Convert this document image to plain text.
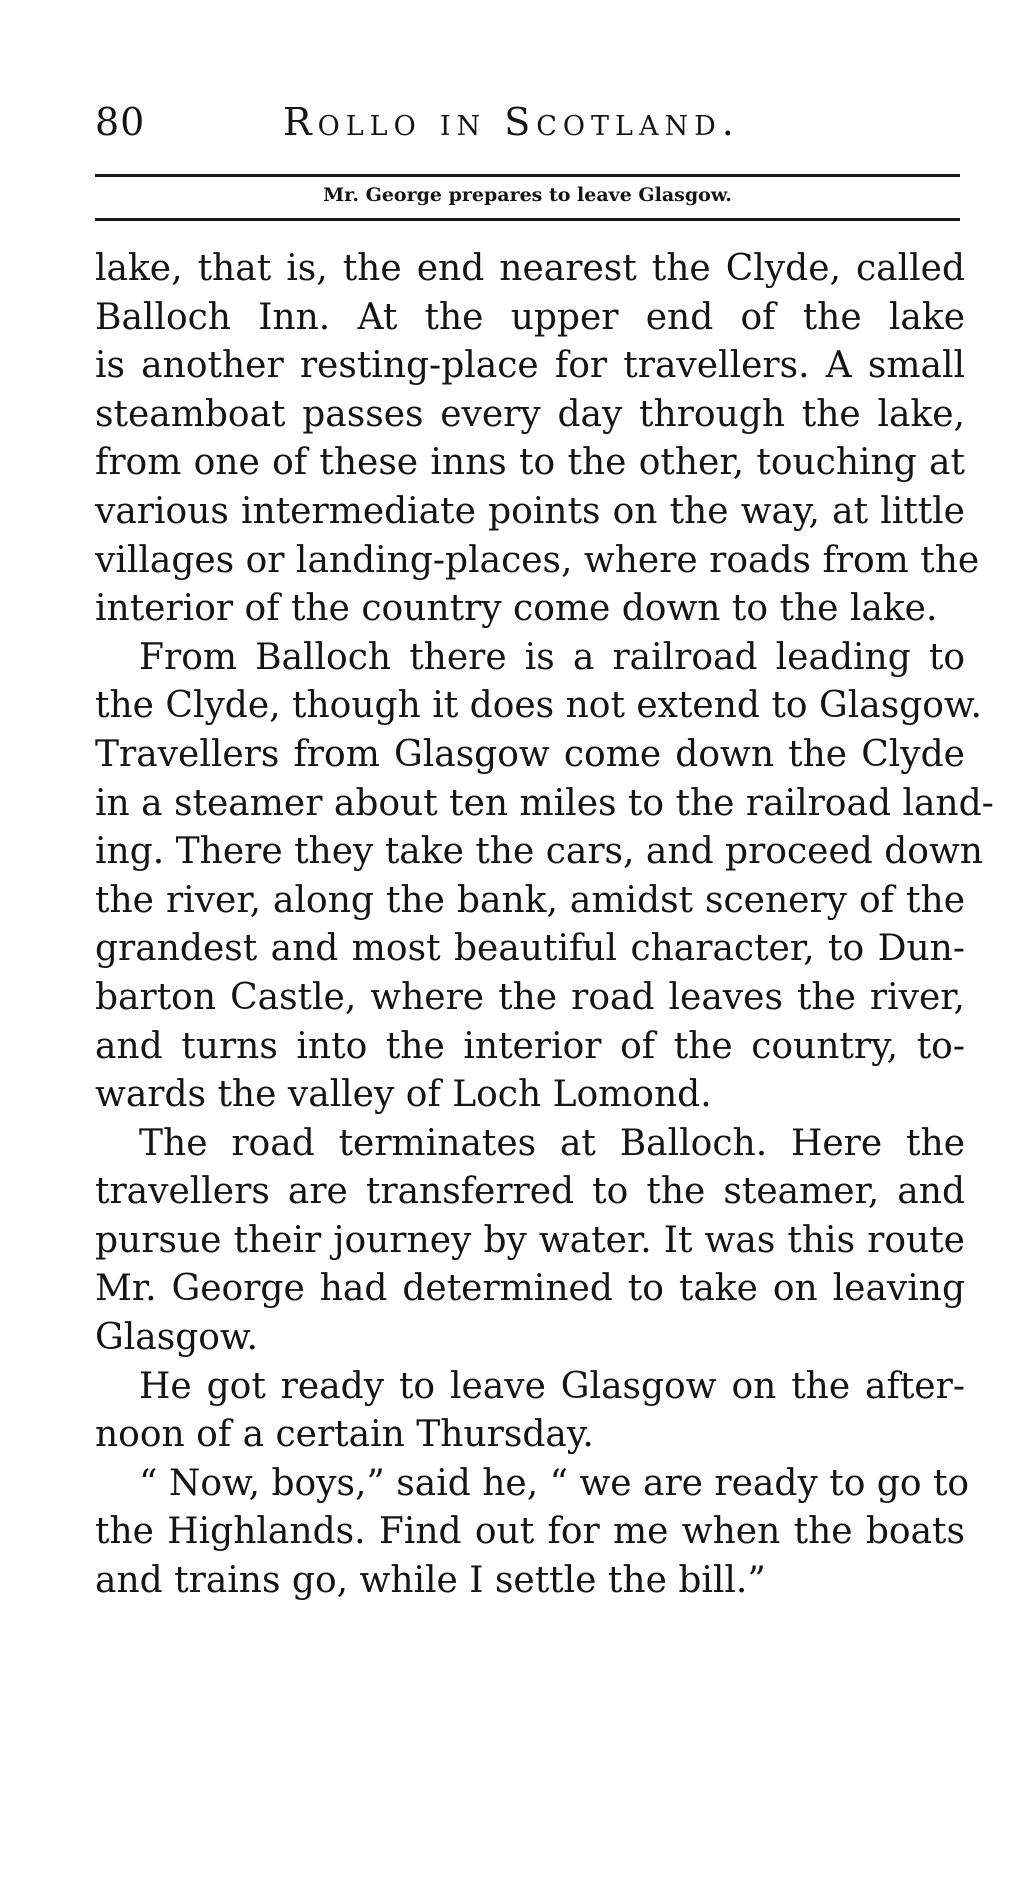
80	Rollo in Scotland.
Mr. George prepares to leave Glasgow.
lake, that is, the end nearest the Clyde, called
Balloch Inn. At the upper end of the lake
is another resting-place for travellers. A small
steamboat passes every day through the lake,
from one of these inns to the other, touching at
various intermediate points on the way, at little
villages or landing-places, where roads from the
interior of the country come down to the lake.
From Balloch there is a railroad leading to
the Clyde, though it does not extend to Glasgow.
Travellers from Glasgow come down the Clyde
in a steamer about ten miles to the railroad land-
ing. There they take the cars, and proceed down
the river, along the bank, amidst scenery of the
grandest and most beautiful character, to Dun-
barton Castle, where the road leaves the river,
and turns into the interior of the country, to-
wards the valley of Loch Lomond.
The road terminates at Balloch. Here the
travellers are transferred to the steamer, and
pursue their journey by water. It was this route
Mr. George had determined to take on leaving
Glasgow.
He got ready to leave Glasgow on the after-
noon of a certain Thursday.
“ Now, boys,” said he, “ we are ready to go to
the Highlands. Find out for me when the boats
and trains go, while I settle the bill.”
